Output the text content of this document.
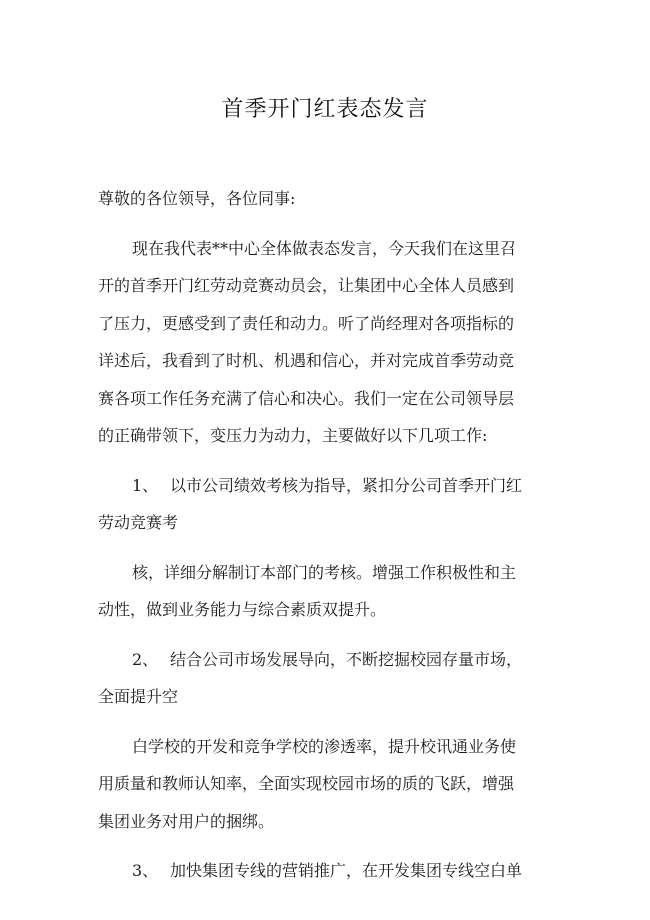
首季开门红表态发言

尊敬的各位领导，各位同事:

现在我代表**中心全体做表态发言，今天我们在这里召

开的首季开门红劳动竞赛动员会，让集团中心全体人员感到

了压力，更感受到了责任和动力。听了尚经理对各项指标的

详述后，我看到了时机、机遇和信心，并对完成首季劳动竞

赛各项工作任务充满了信心和决心。我们一定在公司领导层

的正确带领下，变压力为动力，主要做好以下几项工作:

1、 以市公司绩效考核为指导，紧扣分公司首季开门红

劳动竞赛考

核，详细分解制订本部门的考核。增强工作积极性和主

动性，做到业务能力与综合素质双提升。

2、 结合公司市场发展导向，不断挖掘校园存量市场，

全面提升空

白学校的开发和竞争学校的渗透率，提升校讯通业务使

用质量和教师认知率，全面实现校园市场的质的飞跃，增强

集团业务对用户的捆绑。

3、 加快集团专线的营销推广，在开发集团专线空白单
